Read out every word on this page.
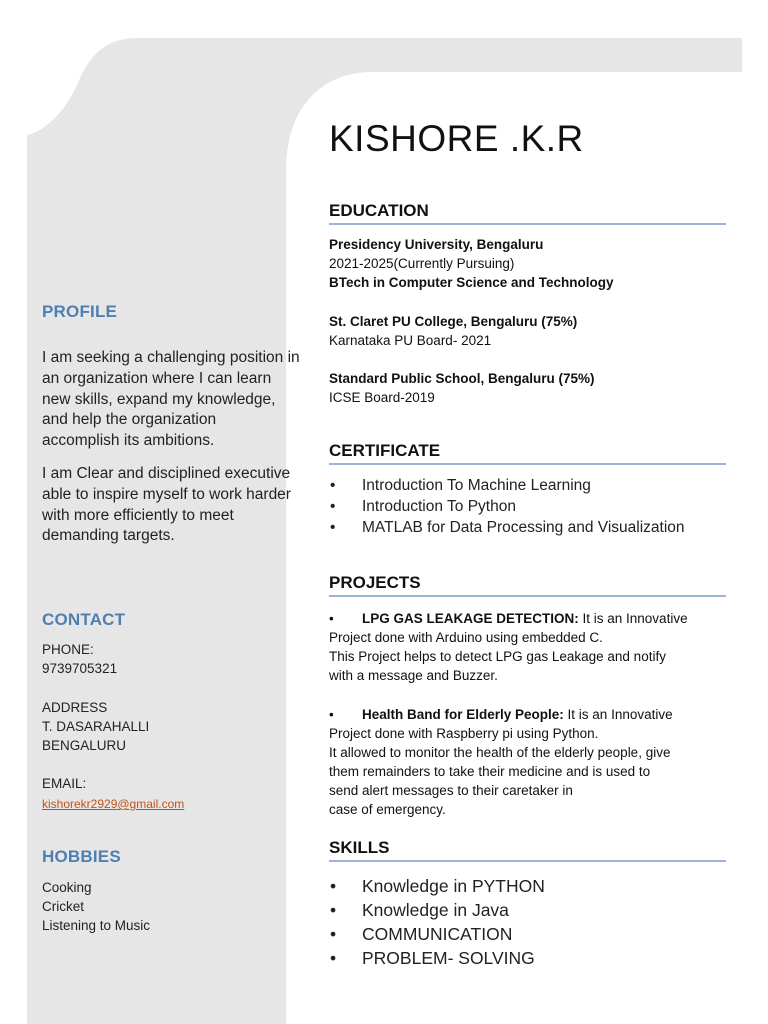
PROFILE

I am seeking a challenging position in an organization where I can learn new skills, expand my knowledge, and help the organization

accomplish its ambitions.

I am Clear and disciplined executive able to inspire myself to work harder with more efficiently to meet demanding targets.

CONTACT
PHONE:
9739705321
ADDRESS
T. DASARAHALLI
BENGALURU
EMAIL:
kishorekr2929@gmail.com
HOBBIES
Cooking
Cricket
Listening to Music
KISHORE .K.R
EDUCATION
Presidency University, Bengaluru
2021-2025(Currently Pursuing)
BTech in Computer Science and Technology
St. Claret PU College, Bengaluru (75%)
Karnataka PU Board- 2021
Standard Public School, Bengaluru (75%)
ICSE Board-2019
CERTIFICATE
• Introduction To Machine Learning
• Introduction To Python
• MATLAB for Data Processing and Visualization
PROJECTS
• LPG GAS LEAKAGE DETECTION: It is an Innovative
Project done with Arduino using embedded C.
This Project helps to detect LPG gas Leakage and notify
with a message and Buzzer.
• Health Band for Elderly People: It is an Innovative
Project done with Raspberry pi using Python.
It allowed to monitor the health of the elderly people, give
them remainders to take their medicine and is used to
send alert messages to their caretaker in
case of emergency.
SKILLS
• Knowledge in PYTHON
• Knowledge in Java
• COMMUNICATION
• PROBLEM- SOLVING
